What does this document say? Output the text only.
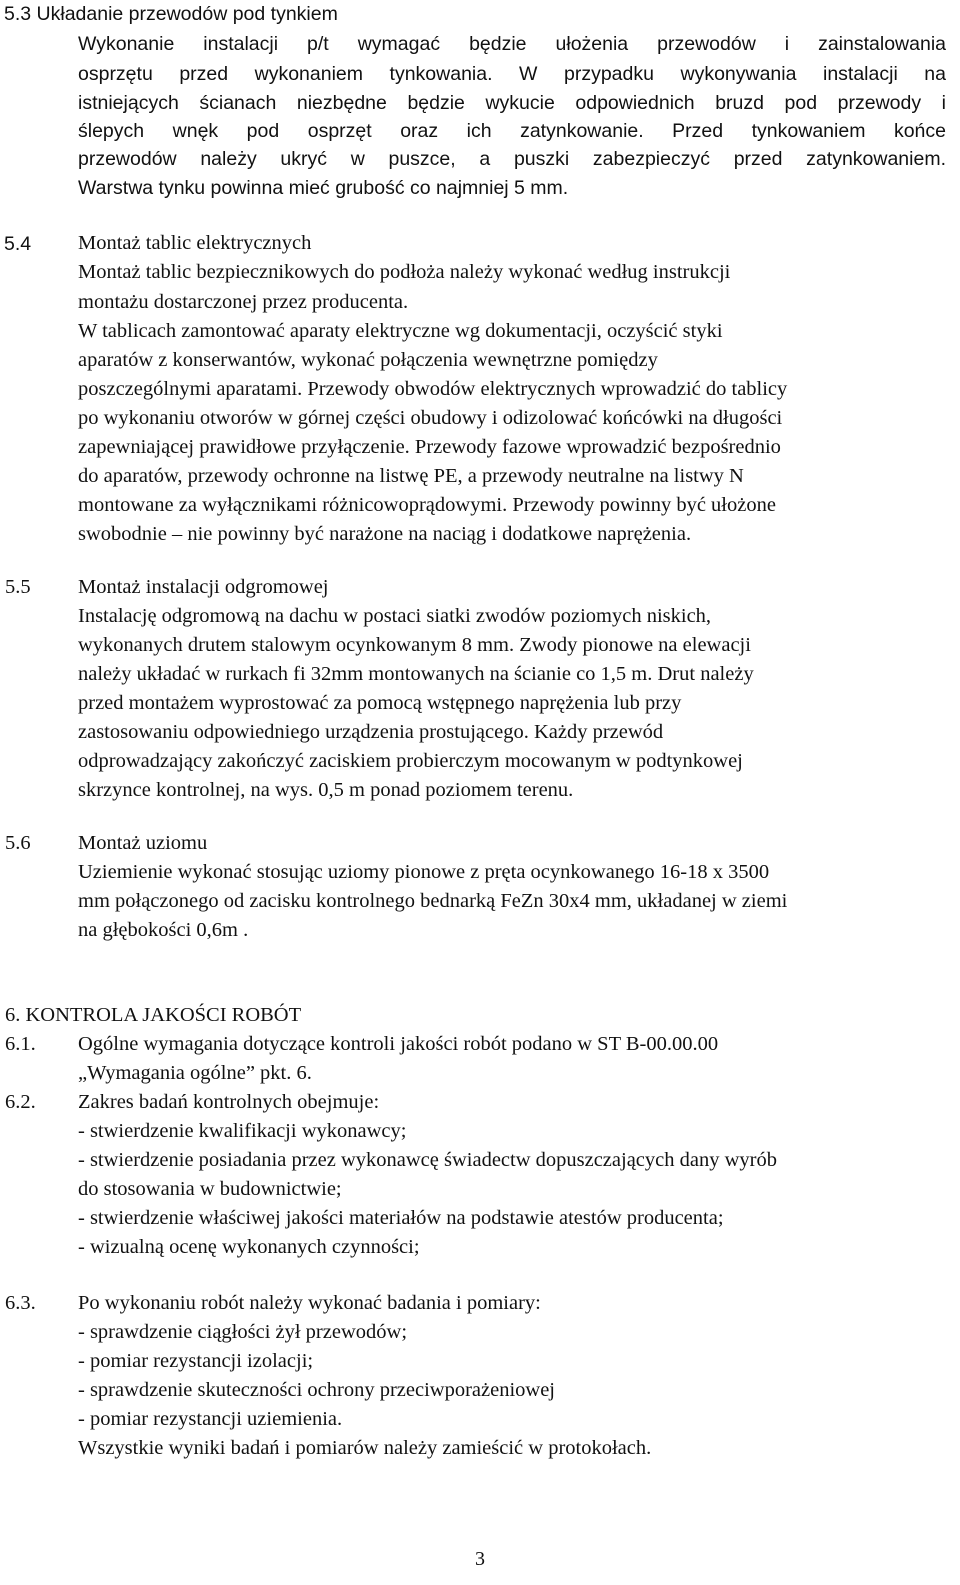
5.3 Układanie przewodów pod tynkiem
Wykonanie instalacji p/t wymagać będzie ułożenia przewodów i zainstalowania
osprzętu przed wykonaniem tynkowania. W przypadku wykonywania instalacji na
istniejących ścianach niezbędne będzie wykucie odpowiednich bruzd pod przewody i
ślepych wnęk pod osprzęt oraz ich zatynkowanie. Przed tynkowaniem końce
przewodów należy ukryć w puszce, a puszki zabezpieczyć przed zatynkowaniem.
Warstwa tynku powinna mieć grubość co najmniej 5 mm.
5.4 Montaż tablic elektrycznych
Montaż tablic bezpiecznikowych do podłoża należy wykonać według instrukcji
montażu dostarczonej przez producenta.
W tablicach zamontować aparaty elektryczne wg dokumentacji, oczyścić styki
aparatów z konserwantów, wykonać połączenia wewnętrzne pomiędzy
poszczególnymi aparatami. Przewody obwodów elektrycznych wprowadzić do tablicy
po wykonaniu otworów w górnej części obudowy i odizolować końcówki na długości
zapewniającej prawidłowe przyłączenie. Przewody fazowe wprowadzić bezpośrednio
do aparatów, przewody ochronne na listwę PE, a przewody neutralne na listwy N
montowane za wyłącznikami różnicowoprądowymi. Przewody powinny być ułożone
swobodnie – nie powinny być narażone na naciąg i dodatkowe naprężenia.
5.5 Montaż instalacji odgromowej
Instalację odgromową na dachu w postaci siatki zwodów poziomych niskich,
wykonanych drutem stalowym ocynkowanym 8 mm. Zwody pionowe na elewacji
należy układać w rurkach fi 32mm montowanych na ścianie co 1,5 m. Drut należy
przed montażem wyprostować za pomocą wstępnego naprężenia lub przy
zastosowaniu odpowiedniego urządzenia prostującego. Każdy przewód
odprowadzający zakończyć zaciskiem probierczym mocowanym w podtynkowej
skrzynce kontrolnej, na wys. 0,5 m ponad poziomem terenu.
5.6 Montaż uziomu
Uziemienie wykonać stosując uziomy pionowe z pręta ocynkowanego 16-18 x 3500
mm połączonego od zacisku kontrolnego bednarką FeZn 30x4 mm, układanej w ziemi
na głębokości 0,6m .
6. KONTROLA JAKOŚCI ROBÓT
6.1. Ogólne wymagania dotyczące kontroli jakości robót podano w ST B-00.00.00
„Wymagania ogólne” pkt. 6.
6.2. Zakres badań kontrolnych obejmuje:
- stwierdzenie kwalifikacji wykonawcy;
- stwierdzenie posiadania przez wykonawcę świadectw dopuszczających dany wyrób
do stosowania w budownictwie;
- stwierdzenie właściwej jakości materiałów na podstawie atestów producenta;
- wizualną ocenę wykonanych czynności;
6.3. Po wykonaniu robót należy wykonać badania i pomiary:
- sprawdzenie ciągłości żył przewodów;
- pomiar rezystancji izolacji;
- sprawdzenie skuteczności ochrony przeciwporażeniowej
- pomiar rezystancji uziemienia.
Wszystkie wyniki badań i pomiarów należy zamieścić w protokołach.
3
